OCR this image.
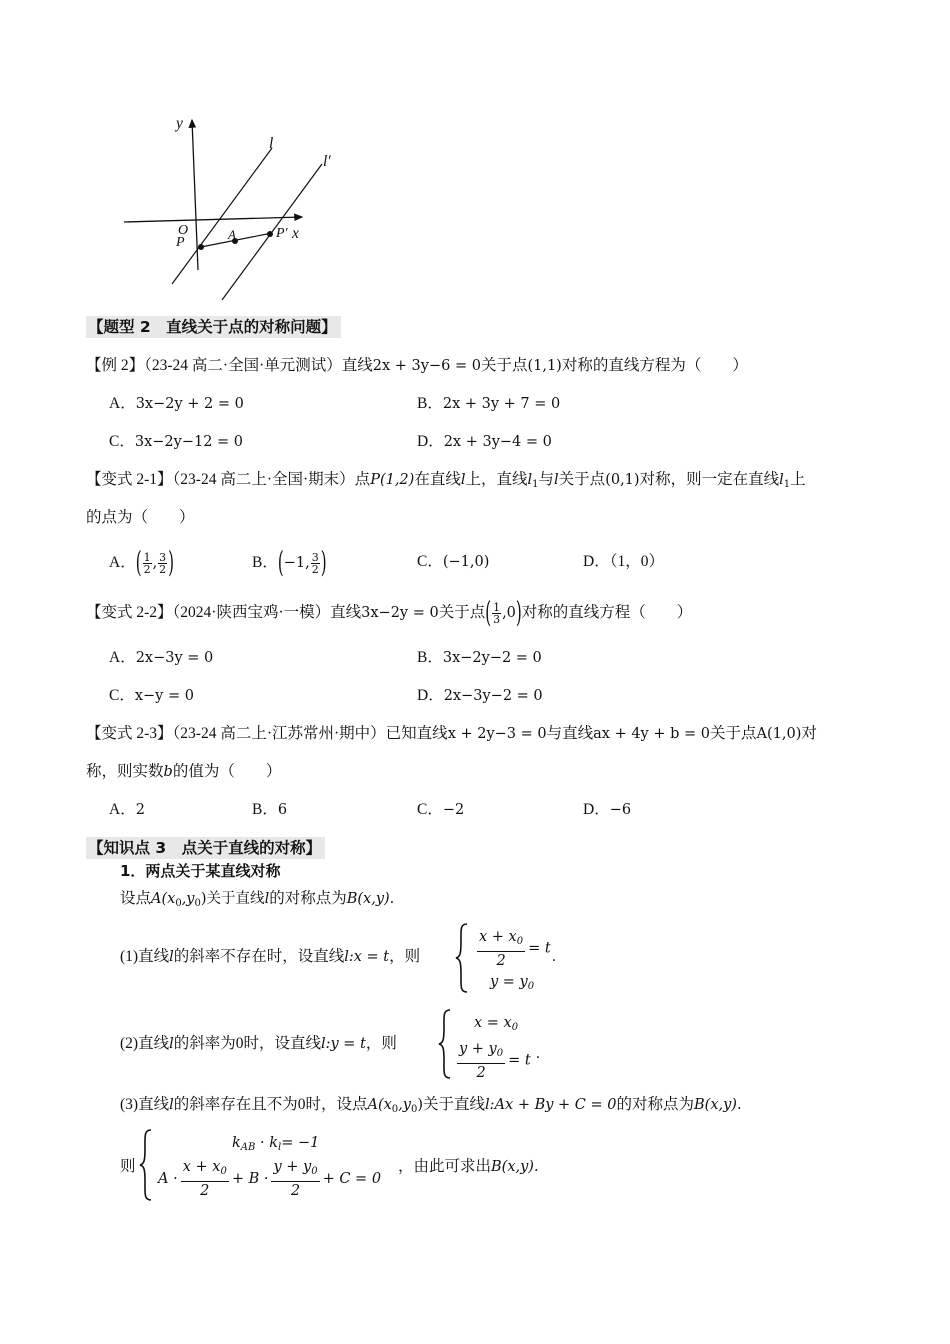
y
x
O
P
A	P′
l
l′
【题型 2　直线关于点的对称问题】
【例 2】（23-24 高二·全国·单元测试）直线2x + 3y−6 = 0关于点(1,1)对称的直线方程为（　　）
A．3x−2y + 2 = 0	B．2x + 3y + 7 = 0
C．3x−2y−12 = 0	D．2x + 3y−4 = 0
【变式 2-1】（23-24 高二上·全国·期末）点P(1,2)在直线l上，直线$l_1$与l关于点(0,1)对称，则一定在直线$l_1$上
的点为（　　）
A．( $\frac{1}{2}$ , $\frac{3}{2}$ )	B．(−1, $\frac{3}{2}$ )	C．(−1,0)	D．（1，0）
【变式 2-2】（2024·陕西宝鸡·一模）直线3x−2y = 0关于点( $\frac{1}{3} ,0$)对称的直线方程（　　）
A．2x−3y = 0	B．3x−2y−2 = 0
C．x−y = 0	D．2x−3y−2 = 0
【变式 2-3】（23-24 高二上·江苏常州·期中）已知直线x + 2y−3 = 0与直线ax + 4y + b = 0关于点A(1,0)对
称，则实数b的值为（　　）
A．2	B．6	C．−2	D．−6
【知识点 3　点关于直线的对称】
1．两点关于某直线对称
设点$A(x_0,y_0)$关于直线l的对称点为B(x,y).
(1)直线l的斜率不存在时，设直线l:x = t，则	$\frac{x + x_0}{2} = t$
$y = y_0$
.
(2)直线l的斜率为0时，设直线l:y = t，则
$x = x_0$
$\frac{y + y_0}{2} = t$ .
(3)直线l的斜率存在且不为0时，设点$A(x_0,y_0)$关于直线l:Ax + By + C = 0的对称点为B(x,y).
则
$k_{AB} \cdot k_l= -1$
$A \cdot \frac{x + x_0}{2} + B \cdot \frac{y + y_0}{2} + C = 0$
，由此可求出B(x,y).
